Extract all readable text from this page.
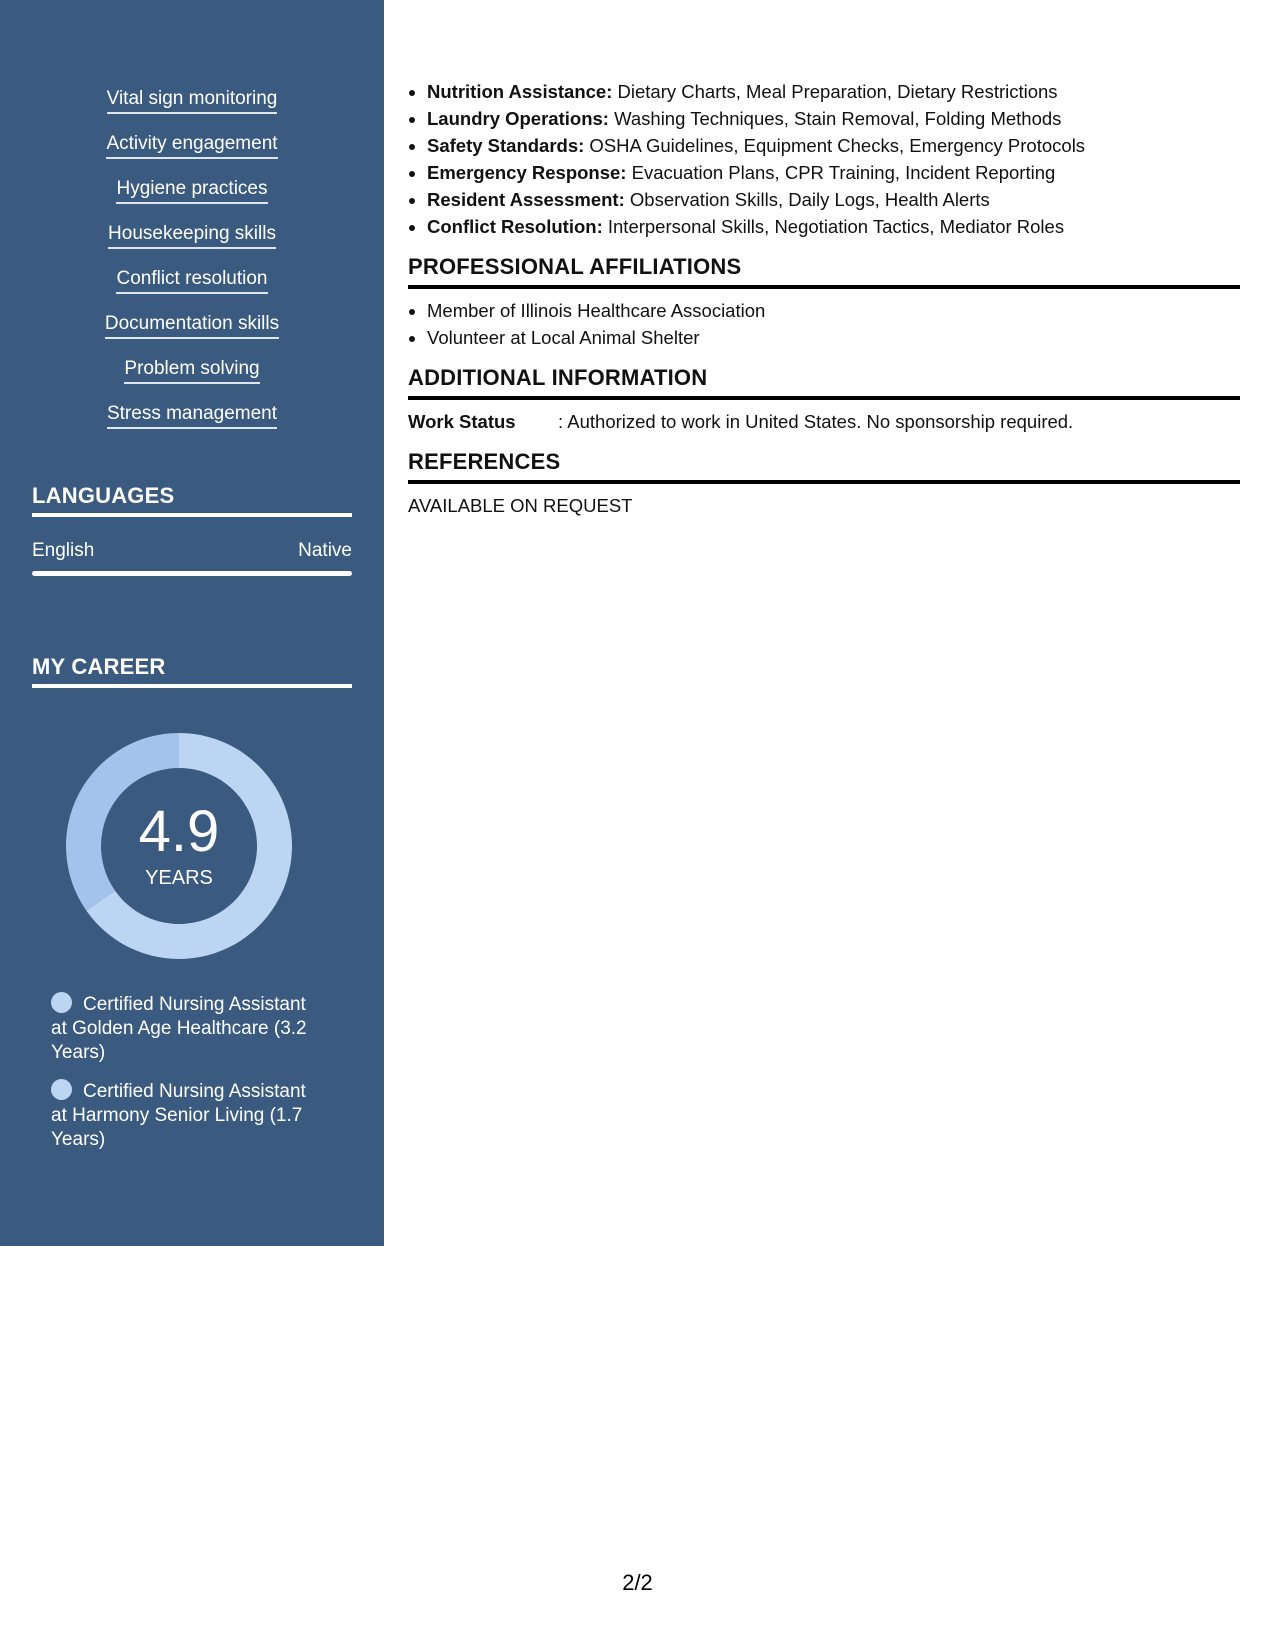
Vital sign monitoring
Activity engagement
Hygiene practices
Housekeeping skills
Conflict resolution
Documentation skills
Problem solving
Stress management
LANGUAGES
English	Native
MY CAREER
4.9
YEARS
Certified Nursing Assistant at Golden Age Healthcare (3.2 Years)
Certified Nursing Assistant at Harmony Senior Living (1.7 Years)
• Nutrition Assistance: Dietary Charts, Meal Preparation, Dietary Restrictions
• Laundry Operations: Washing Techniques, Stain Removal, Folding Methods
• Safety Standards: OSHA Guidelines, Equipment Checks, Emergency Protocols
• Emergency Response: Evacuation Plans, CPR Training, Incident Reporting
• Resident Assessment: Observation Skills, Daily Logs, Health Alerts
• Conflict Resolution: Interpersonal Skills, Negotiation Tactics, Mediator Roles
PROFESSIONAL AFFILIATIONS
• Member of Illinois Healthcare Association
• Volunteer at Local Animal Shelter
ADDITIONAL INFORMATION
Work Status	: Authorized to work in United States. No sponsorship required.
REFERENCES
AVAILABLE ON REQUEST
2/2
